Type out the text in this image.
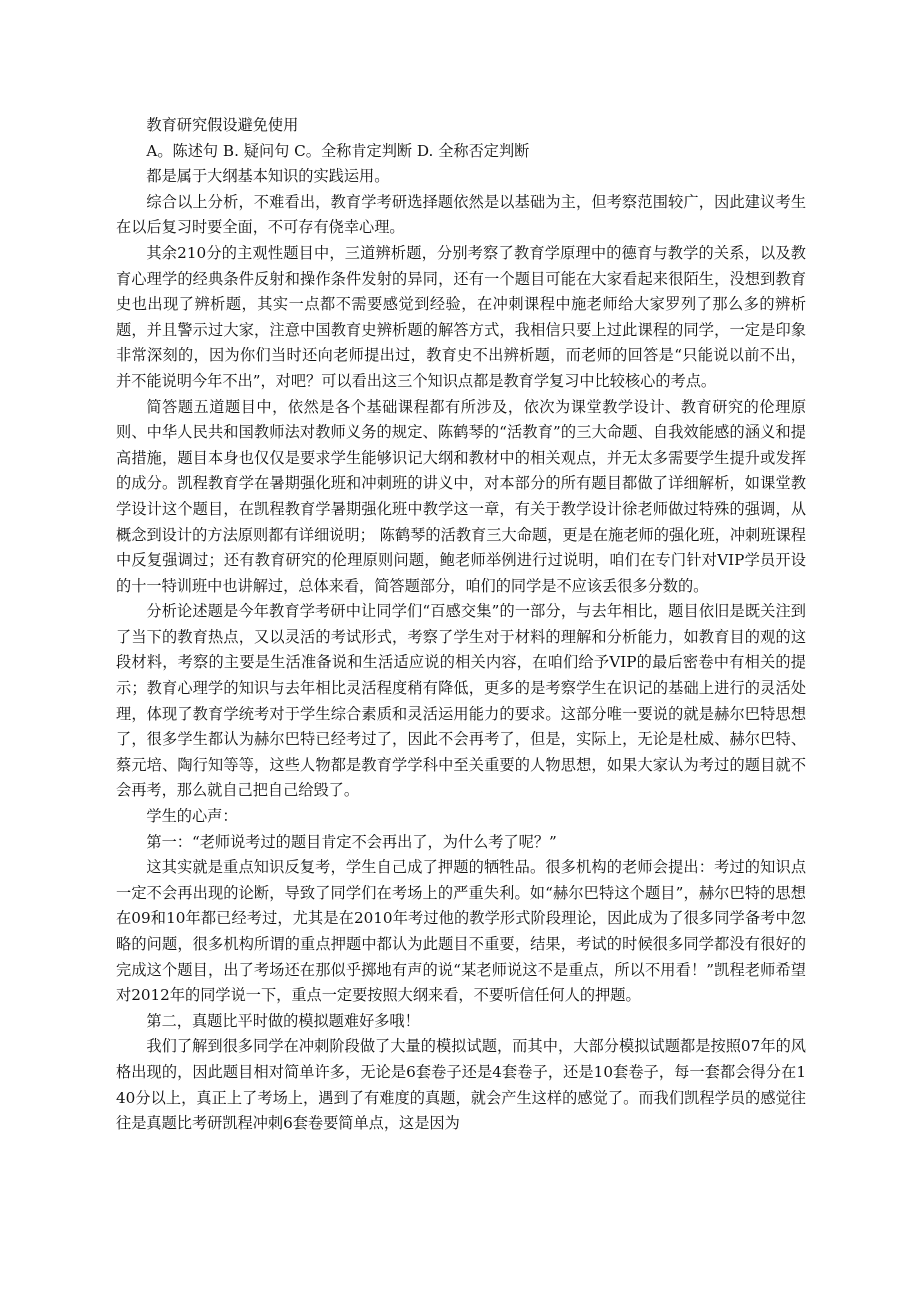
教育研究假设避免使用

A。陈述句 B. 疑问句 C。全称肯定判断 D. 全称否定判断

都是属于大纲基本知识的实践运用。

综合以上分析，不难看出，教育学考研选择题依然是以基础为主，但考察范围较广，因此建议考生在以后复习时要全面，不可存有侥幸心理。

其余210分的主观性题目中，三道辨析题，分别考察了教育学原理中的德育与教学的关系，以及教育心理学的经典条件反射和操作条件发射的异同，还有一个题目可能在大家看起来很陌生，没想到教育史也出现了辨析题，其实一点都不需要感觉到经验，在冲刺课程中施老师给大家罗列了那么多的辨析题，并且警示过大家，注意中国教育史辨析题的解答方式，我相信只要上过此课程的同学，一定是印象非常深刻的，因为你们当时还向老师提出过，教育史不出辨析题，而老师的回答是“只能说以前不出，并不能说明今年不出”，对吧？可以看出这三个知识点都是教育学复习中比较核心的考点。

简答题五道题目中，依然是各个基础课程都有所涉及，依次为课堂教学设计、教育研究的伦理原则、中华人民共和国教师法对教师义务的规定、陈鹤琴的“活教育”的三大命题、自我效能感的涵义和提高措施，题目本身也仅仅是要求学生能够识记大纲和教材中的相关观点，并无太多需要学生提升或发挥的成分。凯程教育学在暑期强化班和冲刺班的讲义中，对本部分的所有题目都做了详细解析，如课堂教学设计这个题目，在凯程教育学暑期强化班中教学这一章，有关于教学设计徐老师做过特殊的强调，从概念到设计的方法原则都有详细说明； 陈鹤琴的活教育三大命题，更是在施老师的强化班，冲刺班课程中反复强调过；还有教育研究的伦理原则问题，鲍老师举例进行过说明，咱们在专门针对VIP学员开设的十一特训班中也讲解过，总体来看，简答题部分，咱们的同学是不应该丢很多分数的。

分析论述题是今年教育学考研中让同学们“百感交集”的一部分，与去年相比，题目依旧是既关注到了当下的教育热点，又以灵活的考试形式，考察了学生对于材料的理解和分析能力，如教育目的观的这段材料，考察的主要是生活准备说和生活适应说的相关内容，在咱们给予VIP的最后密卷中有相关的提示；教育心理学的知识与去年相比灵活程度稍有降低，更多的是考察学生在识记的基础上进行的灵活处理，体现了教育学统考对于学生综合素质和灵活运用能力的要求。这部分唯一要说的就是赫尔巴特思想了，很多学生都认为赫尔巴特已经考过了，因此不会再考了，但是，实际上，无论是杜威、赫尔巴特、蔡元培、陶行知等等，这些人物都是教育学学科中至关重要的人物思想，如果大家认为考过的题目就不会再考，那么就自己把自己给毁了。

学生的心声：

第一：“老师说考过的题目肯定不会再出了，为什么考了呢？”

这其实就是重点知识反复考，学生自己成了押题的牺牲品。很多机构的老师会提出：考过的知识点一定不会再出现的论断，导致了同学们在考场上的严重失利。如“赫尔巴特这个题目”，赫尔巴特的思想在09和10年都已经考过，尤其是在2010年考过他的教学形式阶段理论，因此成为了很多同学备考中忽略的问题，很多机构所谓的重点押题中都认为此题目不重要，结果，考试的时候很多同学都没有很好的完成这个题目，出了考场还在那似乎掷地有声的说“某老师说这不是重点，所以不用看！”凯程老师希望对2012年的同学说一下，重点一定要按照大纲来看，不要听信任何人的押题。

第二，真题比平时做的模拟题难好多哦！

我们了解到很多同学在冲刺阶段做了大量的模拟试题，而其中，大部分模拟试题都是按照07年的风格出现的，因此题目相对简单许多，无论是6套卷子还是4套卷子，还是10套卷子，每一套都会得分在140分以上，真正上了考场上，遇到了有难度的真题，就会产生这样的感觉了。而我们凯程学员的感觉往往是真题比考研凯程冲刺6套卷要简单点，这是因为
